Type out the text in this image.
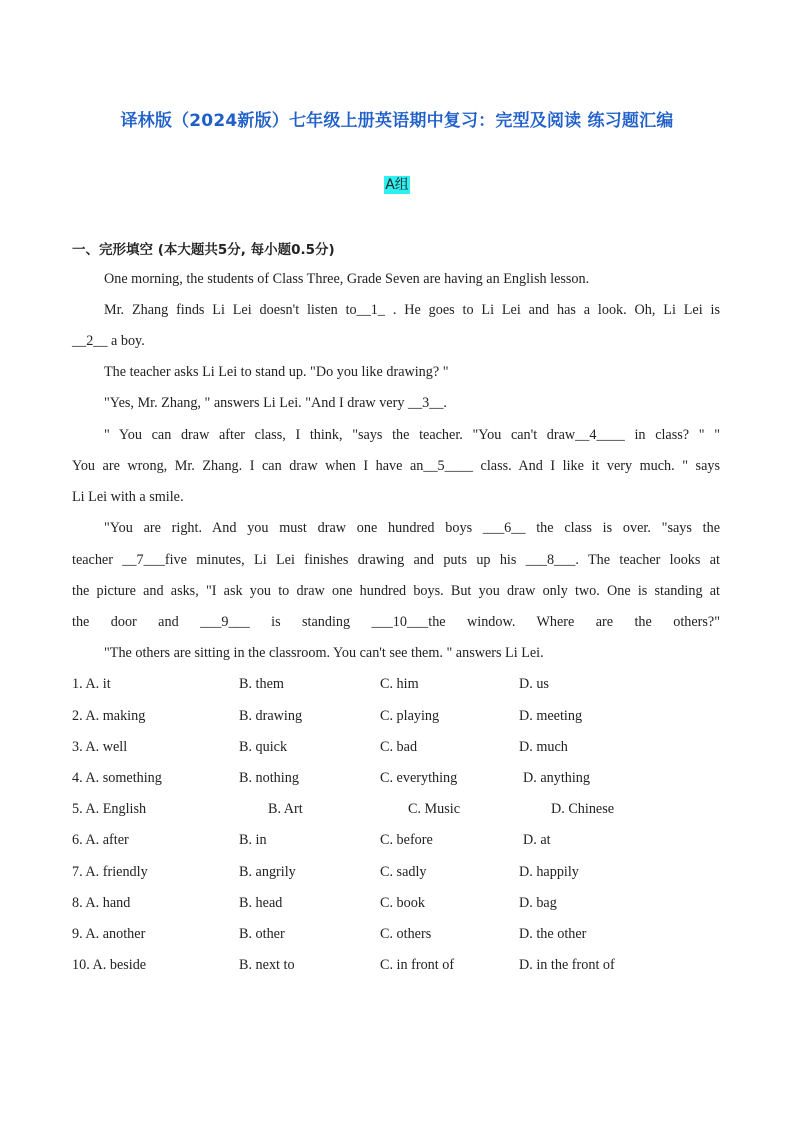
译林版（2024新版）七年级上册英语期中复习：完型及阅读 练习题汇编
A组
一、完形填空 (本大题共5分, 每小题0.5分)
One morning, the students of Class Three, Grade Seven are having an English lesson.
Mr. Zhang finds Li Lei doesn't listen to__1_ . He goes to Li Lei and has a look. Oh, Li Lei is
__2__ a boy.
The teacher asks Li Lei to stand up. "Do you like drawing? "
"Yes, Mr. Zhang, " answers Li Lei. "And I draw very __3__.
" You can draw after class, I think, "says the teacher. "You can't draw__4____ in class? " "
You are wrong, Mr. Zhang. I can draw when I have an__5____ class. And I like it very much. " says
Li Lei with a smile.
"You are right. And you must draw one hundred boys ___6__ the class is over. "says the
teacher __7___five minutes, Li Lei finishes drawing and puts up his ___8___. The teacher looks at
the picture and asks, "I ask you to draw one hundred boys. But you draw only two. One is standing at
the door and ___9___ is standing ___10___the window. Where are the others?"
"The others are sitting in the classroom. You can't see them. " answers Li Lei.
1. A. it	B. them	C. him	D. us
2. A. making	B. drawing	C. playing	D. meeting
3. A. well	B. quick	C. bad	D. much
4. A. something	B. nothing	C. everything	D. anything
5. A. English	B. Art	C. Music	D. Chinese
6. A. after	B. in	C. before	D. at
7. A. friendly	B. angrily	C. sadly	D. happily
8. A. hand	B. head	C. book	D. bag
9. A. another	B. other	C. others	D. the other
10. A. beside	B. next to	C. in front of	D. in the front of
